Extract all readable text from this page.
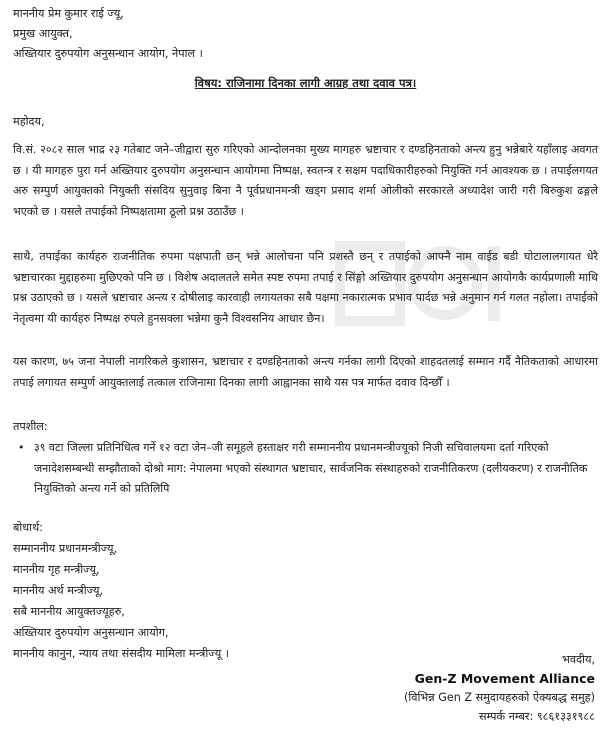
माननीय प्रेम कुमार राई ज्यू,
प्रमुख आयुक्त,
अख्तियार दुरुपयोग अनुसन्धान आयोग, नेपाल ।
विषय: राजिनामा दिनका लागी आग्रह तथा दवाव पत्र।
महोदय,
वि.सं. २०८२ साल भाद्र २३ गतेबाट जने–जीद्वारा सुरु गरिएको आन्दोलनका मुख्य मागहरु भ्रष्टाचार र दण्डहिनताको अन्त्य हुनु भन्नेबारे यहाँलाइ अवगत छ । यी मागहरु पुरा गर्न अख्तियार दुरुपयोग अनुसन्धान आयोगमा निष्पक्ष, स्वतन्त्र र सक्षम पदाधिकारीहरुको नियुक्ति गर्न आवश्यक छ । तपाईलगयत अरु सम्पुर्ण आयुक्तको नियुक्ती संसदिय सुनुवाइ बिना नै पूर्वप्रधानमन्त्री खड्ग प्रसाद शर्मा ओलीको सरकारले अध्यादेश जारी गरी बिरुकुश ढङ्गले भएको छ । यसले तपाईको निष्पक्षतामा ठूलो प्रश्न उठाउँछ ।
साथै, तपाईका कार्यहरु राजनीतिक रुपमा पक्षपाती छन् भन्ने आलोचना पनि प्रशस्तै छन् र तपाईको आफ्नै नाम वाईड बडी घोटालालगायत धेरै भ्रष्टाचारका मुद्दाहरुमा मुछिएको पनि छ । विशेष अदालतले समेत स्पष्ट रुपमा तपाई र सिंङ्गो अख्तियार दुरुपयोग अनुसन्धान आयोगकै कार्यप्रणाली माथि प्रश्न उठाएको छ । यसले भ्रष्टाचार अन्त्य र दोषीलाइ कारवाही लगायतका सबै पक्षमा नकारात्मक प्रभाव पार्दछ भन्ने अनुमान गर्न गलत नहोला। तपाईको नेतृत्वमा यी कार्यहरु निष्पक्ष रुपले हुनसक्ला भन्नेमा कुनै विश्वसनिय आधार छैन।
यस कारण, ७५ जना नेपाली नागरिकले कुशासन, भ्रष्टाचार र दण्डहिनताको अन्त्य गर्नका लागी दिएको शाहदतलाई सम्मान गर्दै नैतिकताको आधारमा तपाई लगायत सम्पुर्ण आयुक्तलाई तत्काल राजिनामा दिनका लागी आह्वानका साथै यस पत्र मार्फत दवाव दिन्छौँ ।
तपशील:
• ३९ वटा जिल्ला प्रतिनिधित्व गर्ने १२ वटा जेन–जी समूहले हस्ताक्षर गरी सम्माननीय प्रधानमन्त्रीज्यूको निजी सचिवालयमा दर्ता गरिएको जनादेशसम्बन्धी सम्झौताको दोश्रो माग: नेपालमा भएको संस्थागत भ्रष्टाचार, सार्वजनिक संस्थाहरुको राजनीतिकरण (दलीयकरण) र राजनीतिक नियुक्तिको अन्त्य गर्ने को प्रतिलिपि
बोधार्थ:
सम्माननीय प्रधानमन्त्रीज्यू,
माननीय गृह मन्त्रीज्यू,
माननीय अर्थ मन्त्रीज्यू,
सबै माननीय आयुक्तज्यूहरु,
अख्तियार दुरुपयोग अनुसन्धान आयोग,
माननीय कानुन, न्याय तथा संसदीय मामिला मन्त्रीज्यू ।	भवदीय,
Gen-Z Movement Alliance
(विभिन्न Gen Z समुदायहरुको ऐक्यबद्ध समुह)
सम्पर्क नम्बर: ९८६१३३१९८८
